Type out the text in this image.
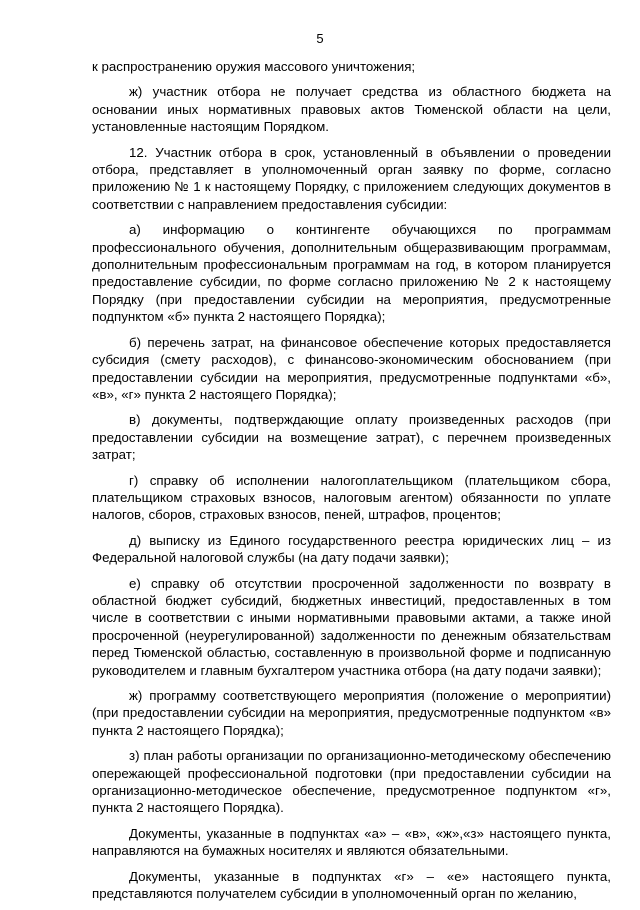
5

к распространению оружия массового уничтожения;

ж) участник отбора не получает средства из областного бюджета на основании иных нормативных правовых актов Тюменской области на цели, установленные настоящим Порядком.

12. Участник отбора в срок, установленный в объявлении о проведении отбора, представляет в уполномоченный орган заявку по форме, согласно приложению № 1 к настоящему Порядку, с приложением следующих документов в соответствии с направлением предоставления субсидии:

а) информацию о контингенте обучающихся по программам профессионального обучения, дополнительным общеразвивающим программам, дополнительным профессиональным программам на год, в котором планируется предоставление субсидии, по форме согласно приложению № 2 к настоящему Порядку (при предоставлении субсидии на мероприятия, предусмотренные подпунктом «б» пункта 2 настоящего Порядка);

б) перечень затрат, на финансовое обеспечение которых предоставляется субсидия (смету расходов), с финансово-экономическим обоснованием (при предоставлении субсидии на мероприятия, предусмотренные подпунктами «б», «в», «г» пункта 2 настоящего Порядка);

в) документы, подтверждающие оплату произведенных расходов (при предоставлении субсидии на возмещение затрат), с перечнем произведенных затрат;

г) справку об исполнении налогоплательщиком (плательщиком сбора, плательщиком страховых взносов, налоговым агентом) обязанности по уплате налогов, сборов, страховых взносов, пеней, штрафов, процентов;

д) выписку из Единого государственного реестра юридических лиц – из Федеральной налоговой службы (на дату подачи заявки);

е) справку об отсутствии просроченной задолженности по возврату в областной бюджет субсидий, бюджетных инвестиций, предоставленных в том числе в соответствии с иными нормативными правовыми актами, а также иной просроченной (неурегулированной) задолженности по денежным обязательствам перед Тюменской областью, составленную в произвольной форме и подписанную руководителем и главным бухгалтером участника отбора (на дату подачи заявки);

ж) программу соответствующего мероприятия (положение о мероприятии) (при предоставлении субсидии на мероприятия, предусмотренные подпунктом «в» пункта 2 настоящего Порядка);

з) план работы организации по организационно-методическому обеспечению опережающей профессиональной подготовки (при предоставлении субсидии на организационно-методическое обеспечение, предусмотренное подпунктом «г», пункта 2 настоящего Порядка).

Документы, указанные в подпунктах «а» – «в», «ж»,«з» настоящего пункта, направляются на бумажных носителях и являются обязательными.

Документы, указанные в подпунктах «г» – «е» настоящего пункта, представляются получателем субсидии в уполномоченный орган по желанию,
